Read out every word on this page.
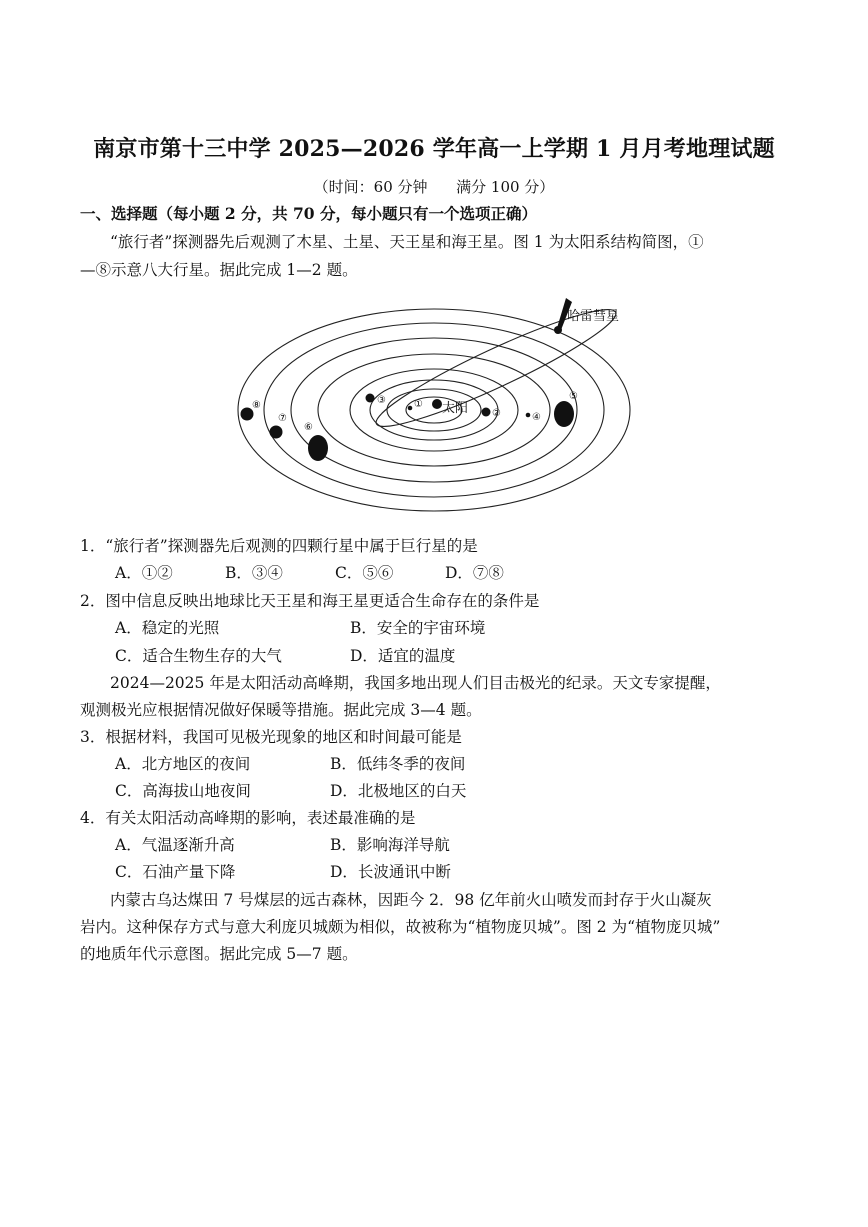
南京市第十三中学 2025—2026 学年高一上学期 1 月月考地理试题
（时间：60 分钟      满分 100 分）
一、选择题（每小题 2 分，共 70 分，每小题只有一个选项正确）
“旅行者”探测器先后观测了木星、土星、天王星和海王星。图 1 为太阳系结构简图，①
—⑧示意八大行星。据此完成 1—2 题。
哈雷彗星
太阳
①
②
③
④
⑤
⑥
⑦
⑧
1．“旅行者”探测器先后观测的四颗行星中属于巨行星的是
A．①②	B．③④	C．⑤⑥	D．⑦⑧
2．图中信息反映出地球比天王星和海王星更适合生命存在的条件是
A．稳定的光照	B．安全的宇宙环境
C．适合生物生存的大气	D．适宜的温度
2024—2025 年是太阳活动高峰期，我国多地出现人们目击极光的纪录。天文专家提醒，
观测极光应根据情况做好保暖等措施。据此完成 3—4 题。
3．根据材料，我国可见极光现象的地区和时间最可能是
A．北方地区的夜间	B．低纬冬季的夜间
C．高海拔山地夜间	D．北极地区的白天
4．有关太阳活动高峰期的影响，表述最准确的是
A．气温逐渐升高	B．影响海洋导航
C．石油产量下降	D．长波通讯中断
内蒙古乌达煤田 7 号煤层的远古森林，因距今 2．98 亿年前火山喷发而封存于火山凝灰
岩内。这种保存方式与意大利庞贝城颇为相似，故被称为“植物庞贝城”。图 2 为“植物庞贝城”
的地质年代示意图。据此完成 5—7 题。
